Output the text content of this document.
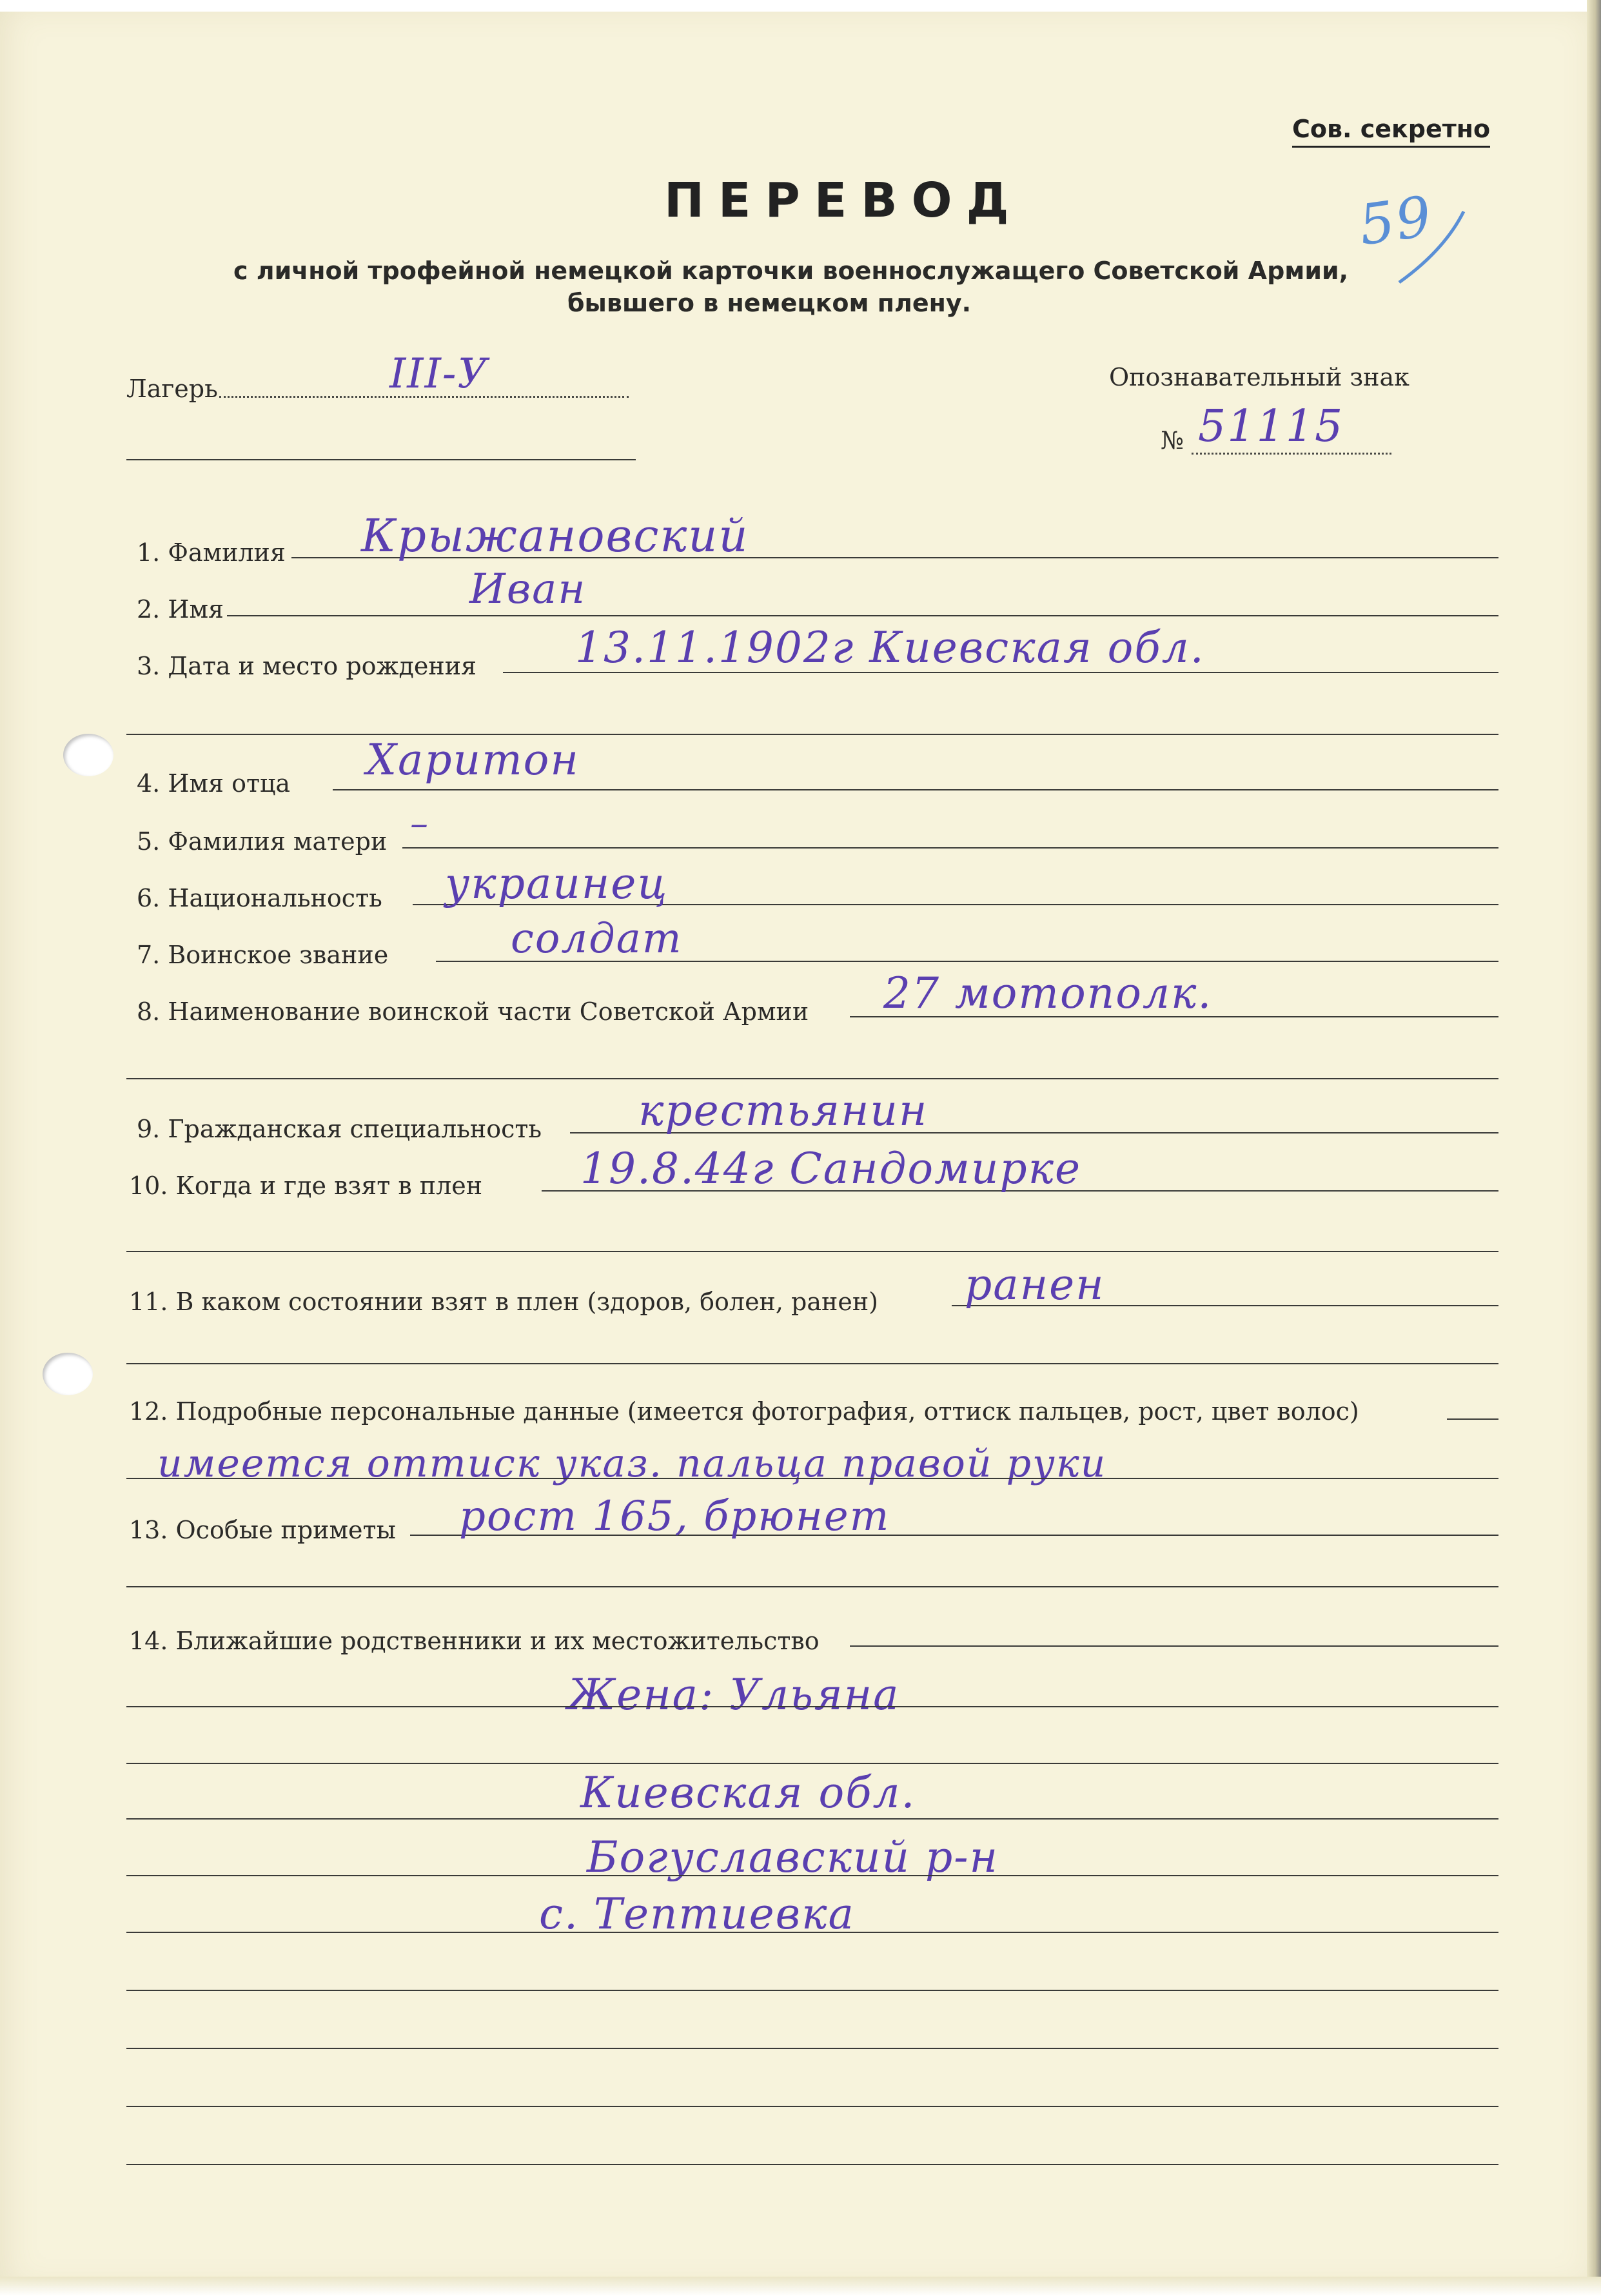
Сов. секретно
59
ПЕРЕВОД
с личной трофейной немецкой карточки военнослужащего Советской Армии,
бывшего в немецком плену.
Лагерь	III-У	Опознавательный знак
№ 51115
1. Фамилия Крыжановский
2. Имя	Иван
3. Дата и место рождения 13.11.1902г Киевская обл.
4. Имя отца Харитон
5. Фамилия матери –
6. Национальность украинец
7. Воинское звание	солдат
8. Наименование воинской части Советской Армии 27 мотополк.
9. Гражданская специальность крестьянин
10. Когда и где взят в плен 19.8.44г Сандомирке
11. В каком состоянии взят в плен (здоров, болен, ранен) ранен
12. Подробные персональные данные (имеется фотография, оттиск пальцев, рост, цвет волос)
имеется оттиск указ. пальца правой руки
13. Особые приметы рост 165, брюнет
14. Ближайшие родственники и их местожительство
Жена: Ульяна
Киевская обл.
Богуславский р-н
с. Тептиевка
